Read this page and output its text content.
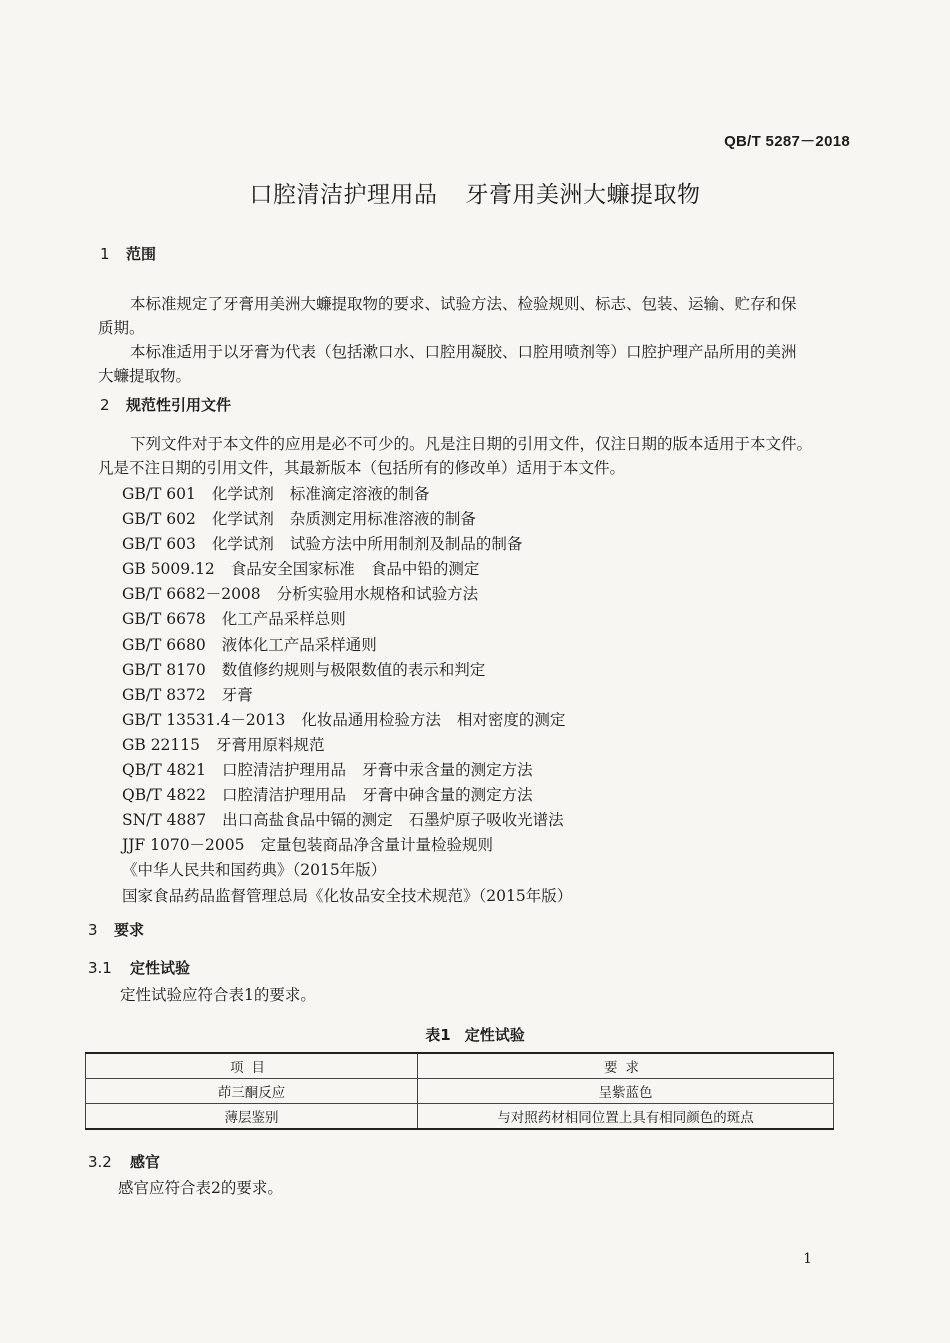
QB/T 5287－2018
口腔清洁护理用品 牙膏用美洲大蠊提取物
1 范围
本标准规定了牙膏用美洲大蠊提取物的要求、试验方法、检验规则、标志、包装、运输、贮存和保
质期。
本标准适用于以牙膏为代表（包括漱口水、口腔用凝胶、口腔用喷剂等）口腔护理产品所用的美洲
大蠊提取物。
2 规范性引用文件
下列文件对于本文件的应用是必不可少的。凡是注日期的引用文件，仅注日期的版本适用于本文件。
凡是不注日期的引用文件，其最新版本（包括所有的修改单）适用于本文件。
GB/T 601 化学试剂 标准滴定溶液的制备
GB/T 602 化学试剂 杂质测定用标准溶液的制备
GB/T 603 化学试剂 试验方法中所用制剂及制品的制备
GB 5009.12 食品安全国家标准 食品中铅的测定
GB/T 6682－2008 分析实验用水规格和试验方法
GB/T 6678 化工产品采样总则
GB/T 6680 液体化工产品采样通则
GB/T 8170 数值修约规则与极限数值的表示和判定
GB/T 8372 牙膏
GB/T 13531.4－2013 化妆品通用检验方法 相对密度的测定
GB 22115 牙膏用原料规范
QB/T 4821 口腔清洁护理用品 牙膏中汞含量的测定方法
QB/T 4822 口腔清洁护理用品 牙膏中砷含量的测定方法
SN/T 4887 出口高盐食品中镉的测定 石墨炉原子吸收光谱法
JJF 1070－2005 定量包装商品净含量计量检验规则
《中华人民共和国药典》（2015年版）
国家食品药品监督管理总局《化妆品安全技术规范》（2015年版）
3 要求
3.1 定性试验
定性试验应符合表1的要求。
表1 定性试验
项目	要求
茚三酮反应	呈紫蓝色
薄层鉴别	与对照药材相同位置上具有相同颜色的斑点
3.2 感官
感官应符合表2的要求。
1
